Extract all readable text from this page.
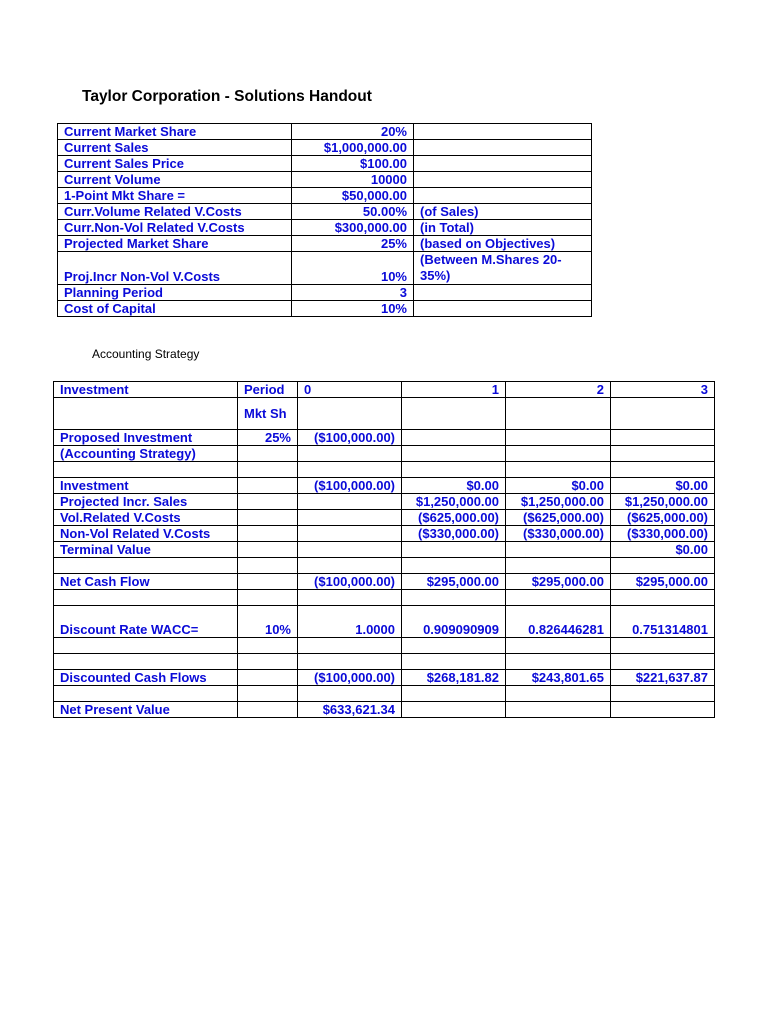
Taylor Corporation - Solutions Handout
Current Market Share	20%	
Current Sales	$1,000,000.00	
Current Sales Price	$100.00	
Current Volume	10000	
1-Point Mkt Share =	$50,000.00	
Curr.Volume Related V.Costs	50.00%	(of Sales)
Curr.Non-Vol Related V.Costs	$300,000.00	(in Total)
Projected Market Share	25%	(based on Objectives)
Proj.Incr Non-Vol V.Costs	10%	(Between M.Shares 20-35%)
Planning Period	3	
Cost of Capital	10%	
Accounting Strategy
Investment	Period	0	1	2	3
	Mkt Sh				
Proposed Investment	25%	($100,000.00)			
(Accounting Strategy)					

Investment		($100,000.00)	$0.00	$0.00	$0.00
Projected Incr. Sales			$1,250,000.00	$1,250,000.00	$1,250,000.00
Vol.Related V.Costs			($625,000.00)	($625,000.00)	($625,000.00)
Non-Vol Related V.Costs			($330,000.00)	($330,000.00)	($330,000.00)
Terminal Value					$0.00

Net Cash Flow		($100,000.00)	$295,000.00	$295,000.00	$295,000.00

Discount Rate WACC=	10%	1.0000	0.909090909	0.826446281	0.751314801

Discounted Cash Flows		($100,000.00)	$268,181.82	$243,801.65	$221,637.87

Net Present Value		$633,621.34			
